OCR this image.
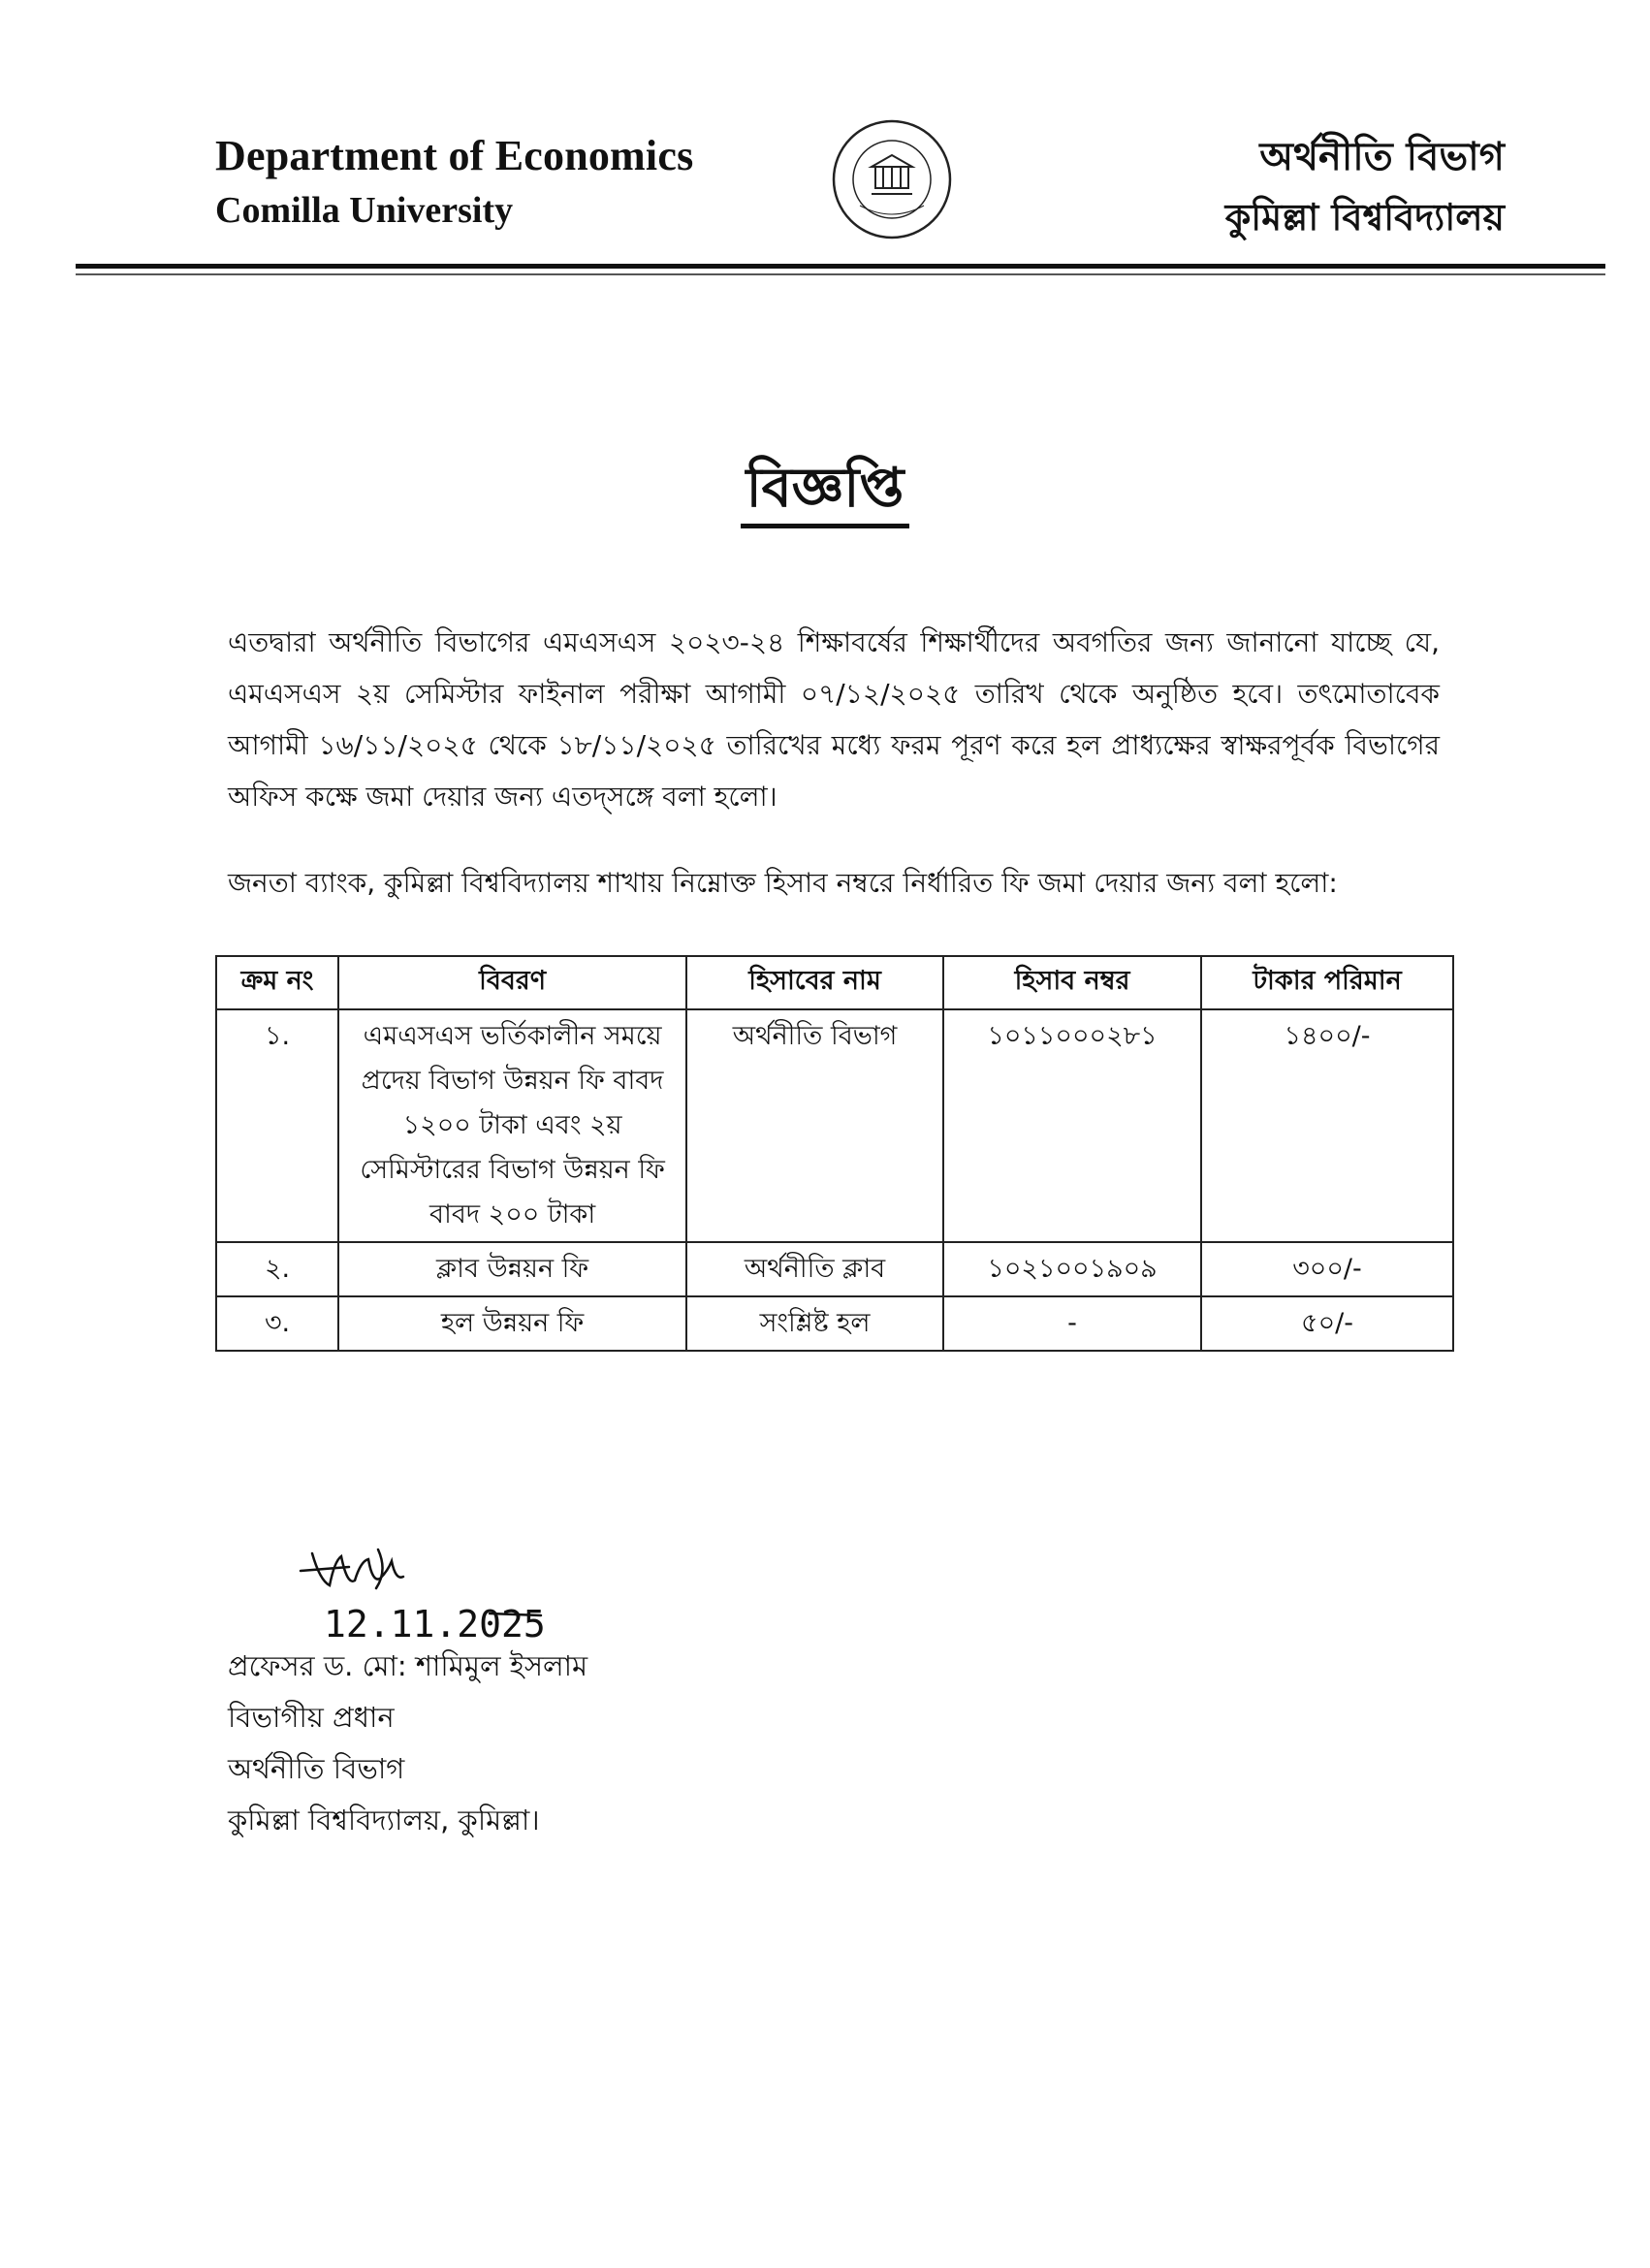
Department of Economics
Comilla University
অর্থনীতি বিভাগ
কুমিল্লা বিশ্ববিদ্যালয়
বিজ্ঞপ্তি
এতদ্বারা অর্থনীতি বিভাগের এমএসএস ২০২৩-২৪ শিক্ষাবর্ষের শিক্ষার্থীদের অবগতির জন্য জানানো যাচ্ছে যে, এমএসএস ২য় সেমিস্টার ফাইনাল পরীক্ষা আগামী ০৭/১২/২০২৫ তারিখ থেকে অনুষ্ঠিত হবে। তৎমোতাবেক আগামী ১৬/১১/২০২৫ থেকে ১৮/১১/২০২৫ তারিখের মধ্যে ফরম পূরণ করে হল প্রাধ্যক্ষের স্বাক্ষরপূর্বক বিভাগের অফিস কক্ষে জমা দেয়ার জন্য এতদ্সঙ্গে বলা হলো।
জনতা ব্যাংক, কুমিল্লা বিশ্ববিদ্যালয় শাখায় নিম্নোক্ত হিসাব নম্বরে নির্ধারিত ফি জমা দেয়ার জন্য বলা হলো:
ক্রম নং	বিবরণ	হিসাবের নাম	হিসাব নম্বর	টাকার পরিমান
১.	এমএসএস ভর্তিকালীন সময়ে প্রদেয় বিভাগ উন্নয়ন ফি বাবদ ১২০০ টাকা এবং ২য় সেমিস্টারের বিভাগ উন্নয়ন ফি বাবদ ২০০ টাকা	অর্থনীতি বিভাগ	১০১১০০০২৮১	১৪০০/-
২.	ক্লাব উন্নয়ন ফি	অর্থনীতি ক্লাব	১০২১০০১৯০৯	৩০০/-
৩.	হল উন্নয়ন ফি	সংশ্লিষ্ট হল	-	৫০/-
12.11.2025
প্রফেসর ড. মো: শামিমুল ইসলাম
বিভাগীয় প্রধান
অর্থনীতি বিভাগ
কুমিল্লা বিশ্ববিদ্যালয়, কুমিল্লা।
